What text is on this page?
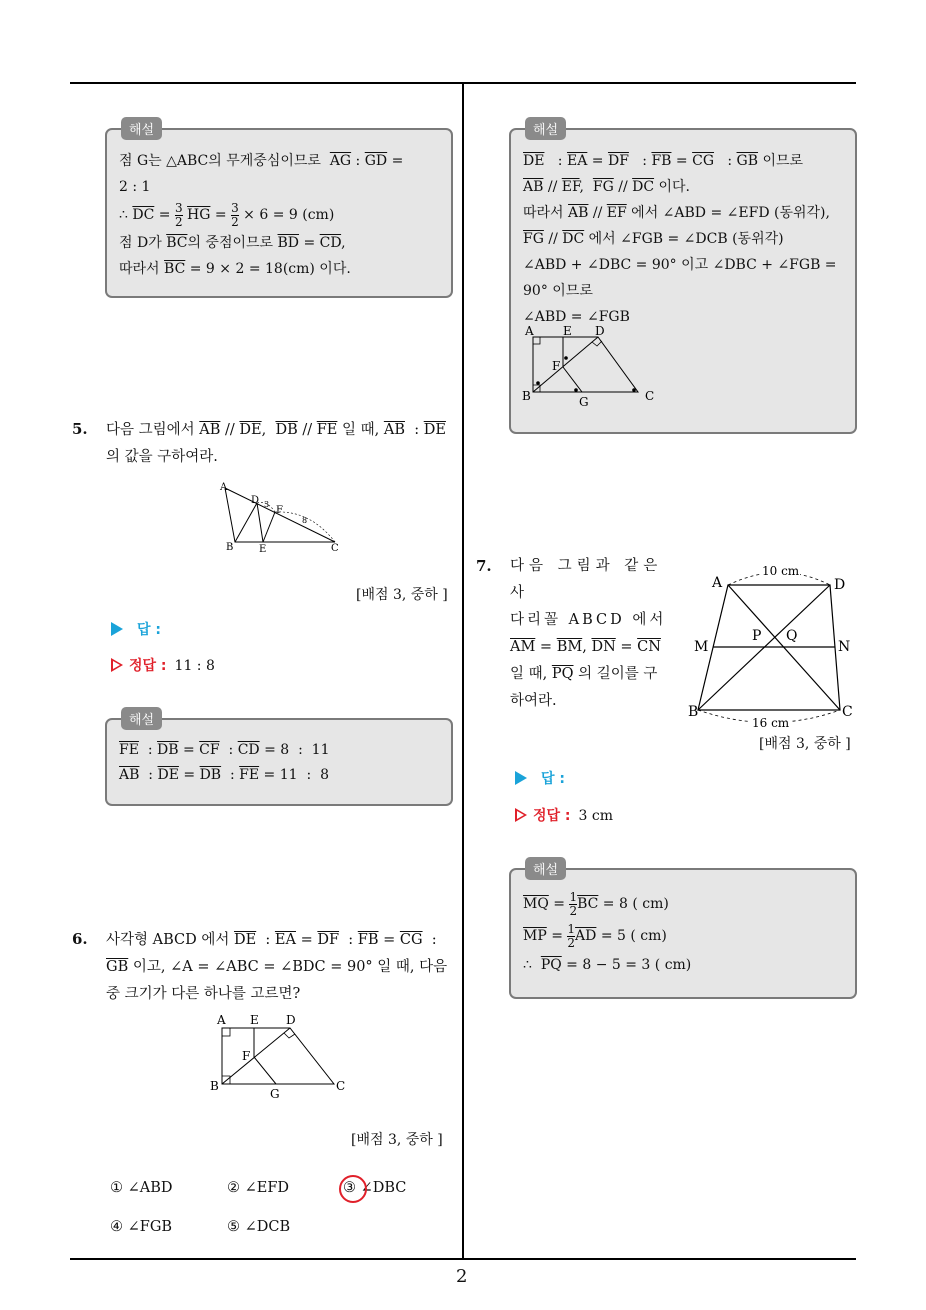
해설
점 G는 △ABC의 무게중심이므로  $\overline{AG}$ : $\overline{GD}$ =
2 : 1
∴ $\overline{DC} = \frac{3}{2} \overline{HG} = \frac{3}{2} \times 6 = 9$ (cm)
점 D가 $\overline{BC}$의 중점이므로 $\overline{BD} = \overline{CD}$,
따라서 $\overline{BC} = 9 \times 2 = 18(cm)$ 이다.
5. 다음 그림에서 $\overline{AB} // \overline{DE}$,  $\overline{DB} // \overline{FE}$ 일 때, $\overline{AB}$  : $\overline{DE}$
의 값을 구하여라.
A
B	C
D
E
F
3
8
[배점 3, 중하 ]
답 :
정답 : 11 : 8
해설
$\overline{FE}$  : $\overline{DB} = \overline{CF}$  : $\overline{CD} = 8$  :  11
$\overline{AB}$  : $\overline{DE} = \overline{DB}$  : $\overline{FE} = 11$  :  8
6. 사각형 ABCD 에서 $\overline{DE}$  : $\overline{EA} = \overline{DF}$  : $\overline{FB} = \overline{CG}$  :
$\overline{GB}$ 이고, ∠A = ∠ABC = ∠BDC = 90° 일 때, 다음
중 크기가 다른 하나를 고르면?
A
B	C
D
E
F
G
[배점 3, 중하 ]
① ∠ABD	② ∠EFD	③ ∠DBC
④ ∠FGB	⑤ ∠DCB
해설
$\overline{DE}$   : $\overline{EA} = \overline{DF}$   : $\overline{FB} = \overline{CG}$   : $\overline{GB}$ 이므로
$\overline{AB} // \overline{EF}$,  $\overline{FG} // \overline{DC}$ 이다.
따라서 $\overline{AB} // \overline{EF}$ 에서 ∠ABD = ∠EFD (동위각),
$\overline{FG} // \overline{DC}$ 에서 ∠FGB = ∠DCB (동위각)
∠ABD + ∠DBC = 90° 이고 ∠DBC + ∠FGB =
90° 이므로
∠ABD = ∠FGB
A
B	C
D
E
F
G
7. 다음 그림과 같은 사
다리꼴 ABCD 에서
$\overline{AM} = \overline{BM}$, $\overline{DN} = \overline{CN}$
일 때, $\overline{PQ}$ 의 길이를 구
하여라.
10 cm
16 cm
A	D
M	N
P Q
B	C
[배점 3, 중하 ]
답 :
정답 : 3 cm
해설
$\overline{MQ} = \frac{1}{2} \overline{BC} = 8$ ( cm)
$\overline{MP} = \frac{1}{2} \overline{AD} = 5$ ( cm)
∴  $\overline{PQ} = 8 - 5 = 3$ ( cm)
2
